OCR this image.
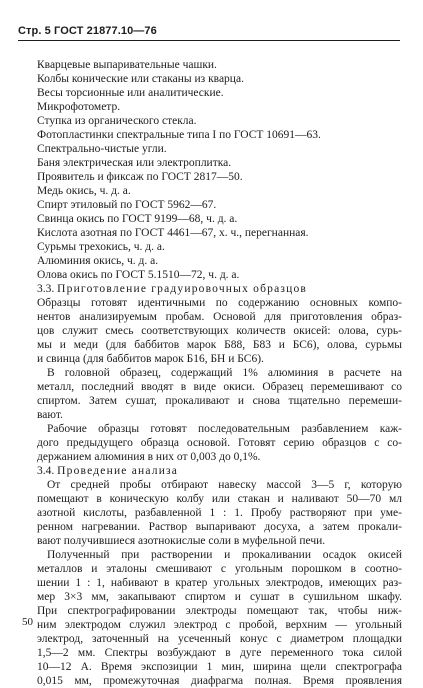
Стр. 5 ГОСТ 21877.10—76
Кварцевые выпаривательные чашки.
Колбы конические или стаканы из кварца.
Весы торсионные или аналитические.
Микрофотометр.
Ступка из органического стекла.
Фотопластинки спектральные типа I по ГОСТ 10691—63.
Спектрально-чистые угли.
Баня электрическая или электроплитка.
Проявитель и фиксаж по ГОСТ 2817—50.
Медь окись, ч. д. а.
Спирт этиловый по ГОСТ 5962—67.
Свинца окись по ГОСТ 9199—68, ч. д. а.
Кислота азотная по ГОСТ 4461—67, х. ч., перегнанная.
Сурьмы трехокись, ч. д. а.
Алюминия окись, ч. д. а.
Олова окись по ГОСТ 5.1510—72, ч. д. а.
3.3. Приготовление градуировочных образцов
Образцы готовят идентичными по содержанию основных компо-
нентов анализируемым пробам. Основой для приготовления образ-
цов служит смесь соответствующих количеств окисей: олова, сурь-
мы и меди (для баббитов марок Б88, Б83 и БС6), олова, сурьмы
и свинца (для баббитов марок Б16, БН и БС6).
В головной образец, содержащий 1% алюминия в расчете на
металл, последний вводят в виде окиси. Образец перемешивают со
спиртом. Затем сушат, прокаливают и снова тщательно перемеши-
вают.
Рабочие образцы готовят последовательным разбавлением каж-
дого предыдущего образца основой. Готовят серию образцов с со-
держанием алюминия в них от 0,003 до 0,1%.
3.4. Проведение анализа
От средней пробы отбирают навеску массой 3—5 г, которую
помещают в коническую колбу или стакан и наливают 50—70 мл
азотной кислоты, разбавленной 1 : 1. Пробу растворяют при уме-
ренном нагревании. Раствор выпаривают досуха, а затем прокали-
вают получившиеся азотнокислые соли в муфельной печи.
Полученный при растворении и прокаливании осадок окисей
металлов и эталоны смешивают с угольным порошком в соотно-
шении 1 : 1, набивают в кратер угольных электродов, имеющих раз-
мер 3×3 мм, закапывают спиртом и сушат в сушильном шкафу.
При спектрографировании электроды помещают так, чтобы ниж-
ним электродом служил электрод с пробой, верхним — угольный
электрод, заточенный на усеченный конус с диаметром площадки
1,5—2 мм. Спектры возбуждают в дуге переменного тока силой
10—12 А. Время экспозиции 1 мин, ширина щели спектрографа
0,015 мм, промежуточная диафрагма полная. Время проявления
50
